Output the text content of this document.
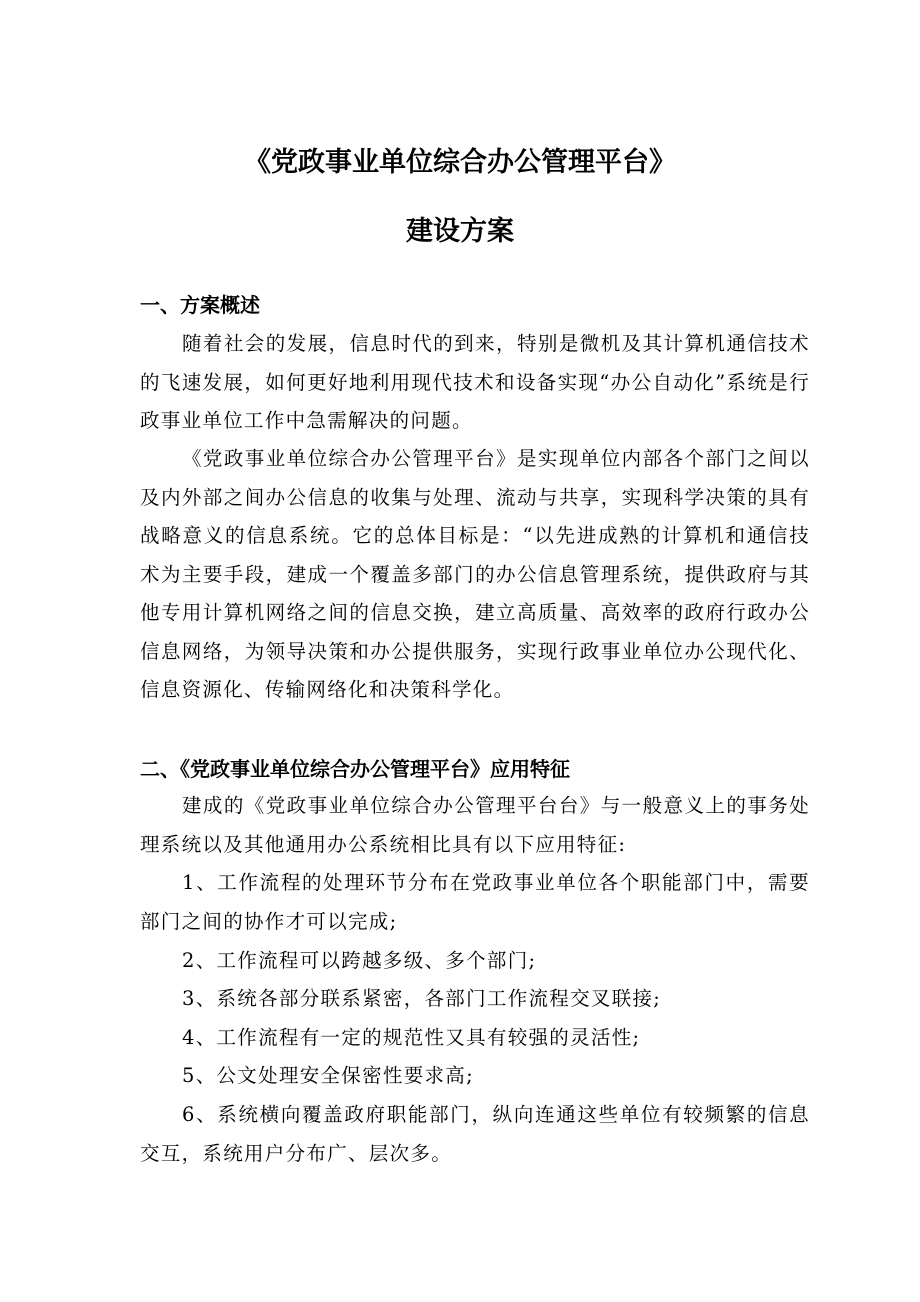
《党政事业单位综合办公管理平台》
建设方案
一、方案概述

随着社会的发展，信息时代的到来，特别是微机及其计算机通信技术的飞速发展，如何更好地利用现代技术和设备实现“办公自动化”系统是行政事业单位工作中急需解决的问题。

《党政事业单位综合办公管理平台》是实现单位内部各个部门之间以及内外部之间办公信息的收集与处理、流动与共享，实现科学决策的具有战略意义的信息系统。它的总体目标是：“以先进成熟的计算机和通信技术为主要手段，建成一个覆盖多部门的办公信息管理系统，提供政府与其他专用计算机网络之间的信息交换，建立高质量、高效率的政府行政办公信息网络，为领导决策和办公提供服务，实现行政事业单位办公现代化、信息资源化、传输网络化和决策科学化。

二、《党政事业单位综合办公管理平台》应用特征

建成的《党政事业单位综合办公管理平台台》与一般意义上的事务处理系统以及其他通用办公系统相比具有以下应用特征:

1、工作流程的处理环节分布在党政事业单位各个职能部门中，需要部门之间的协作才可以完成;

2、工作流程可以跨越多级、多个部门;

3、系统各部分联系紧密，各部门工作流程交叉联接;

4、工作流程有一定的规范性又具有较强的灵活性;

5、公文处理安全保密性要求高;

6、系统横向覆盖政府职能部门，纵向连通这些单位有较频繁的信息交互，系统用户分布广、层次多。
